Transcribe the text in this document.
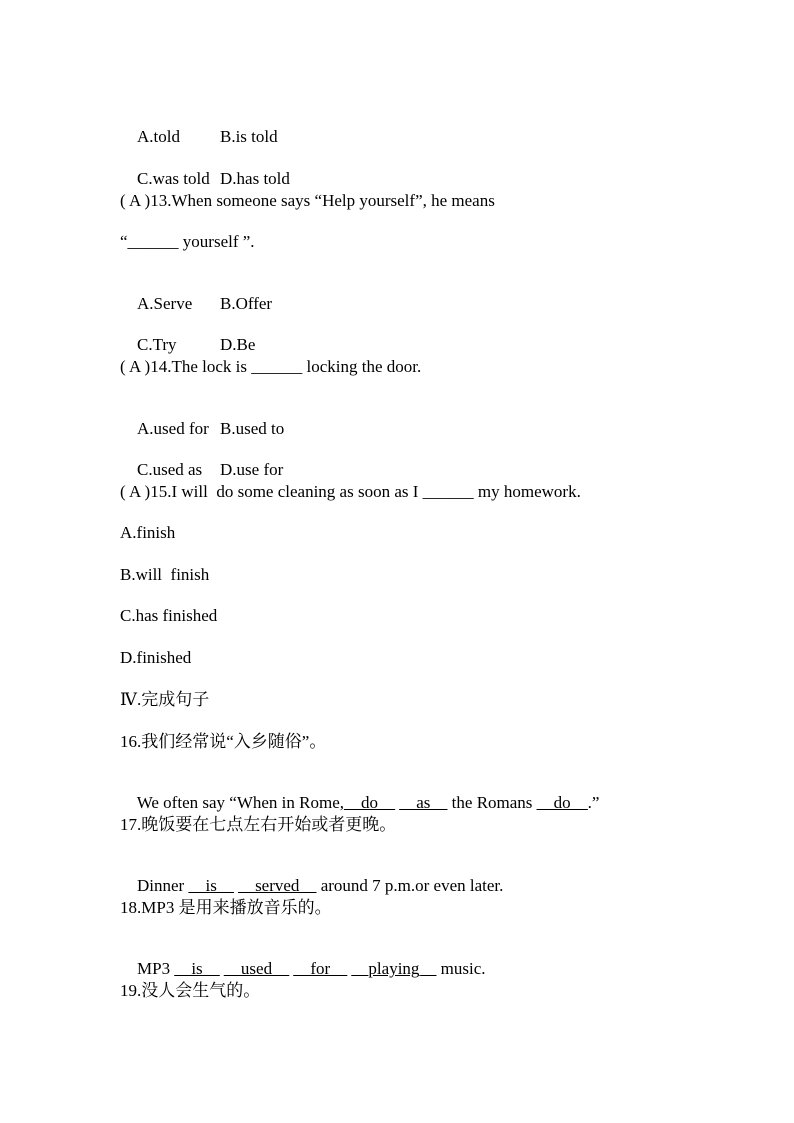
A.told B.is told

C.was told D.has told

( A )13.When someone says “Help yourself”, he means
“______ yourself ”.

A.Serve B.Offer

C.Try	D.Be

( A )14.The lock is ______ locking the door.

A.used for B.used to

C.used as D.use for

( A )15.I will  do some cleaning as soon as I ______ my homework.
A.finish
B.will  finish
C.has finished
D.finished
Ⅳ.完成句子
16.我们经常说“入乡随俗”。

We often say “When in Rome,__do__ __as__ the Romans __do__.”

17.晚饭要在七点左右开始或者更晚。

Dinner __is__ __served__ around 7 p.m.or even later.

18.MP3 是用来播放音乐的。

MP3 __is__ __used__ __for__ __playing__ music.

19.没人会生气的。
